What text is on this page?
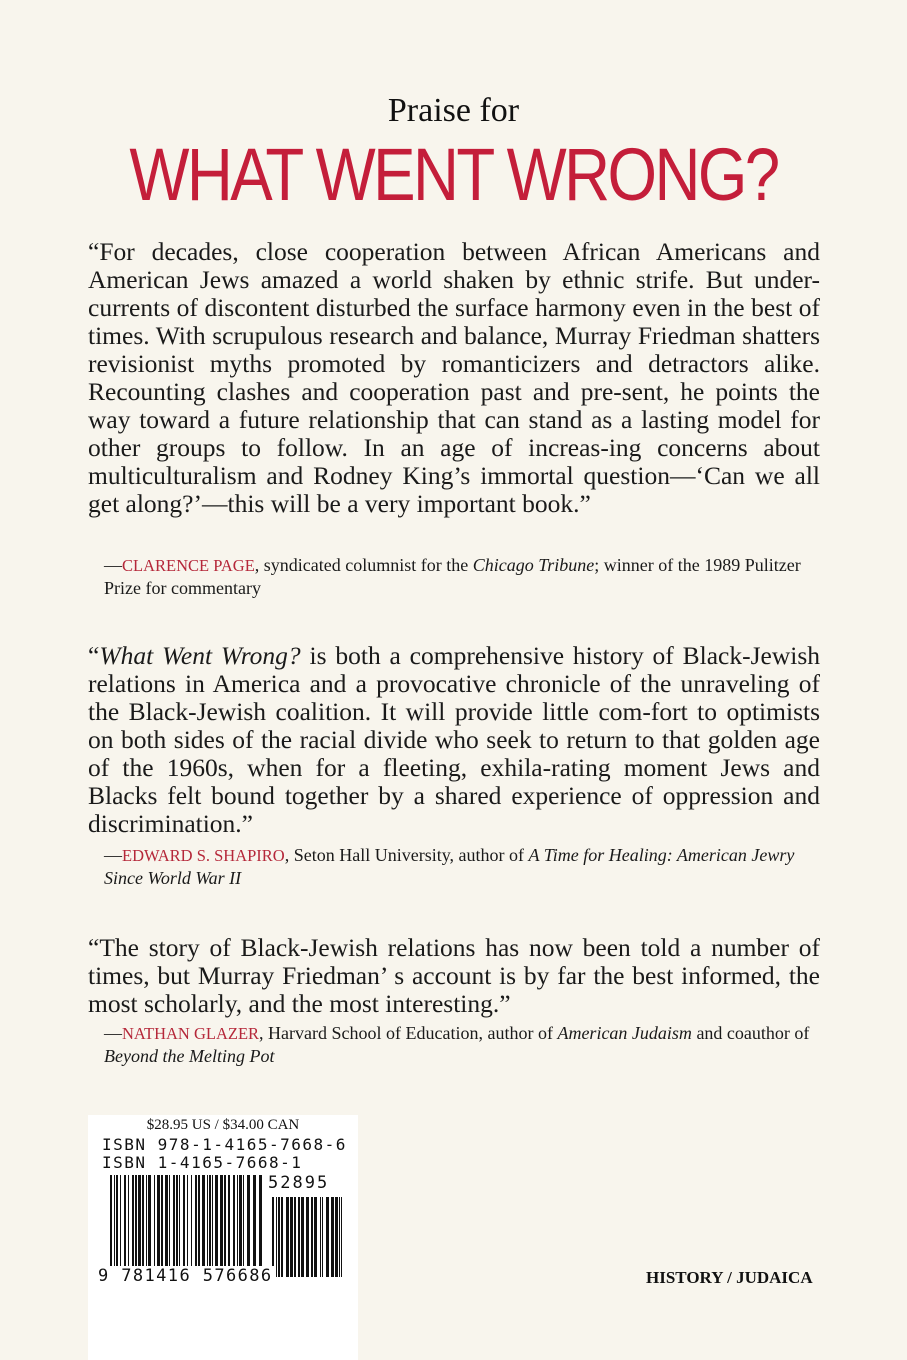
Praise for
WHAT WENT WRONG?

“For decades, close cooperation between African Americans and American Jews amazed a world shaken by ethnic strife. But under-currents of discontent disturbed the surface harmony even in the best of times. With scrupulous research and balance, Murray Friedman shatters revisionist myths promoted by romanticizers and detractors alike. Recounting clashes and cooperation past and pre-sent, he points the way toward a future relationship that can stand as a lasting model for other groups to follow. In an age of increas-ing concerns about multiculturalism and Rodney King’s immortal question—‘Can we all get along?’—this will be a very important book.”

—CLARENCE PAGE, syndicated columnist for the Chicago Tribune; winner of the 1989 Pulitzer Prize for commentary

“What Went Wrong? is both a comprehensive history of Black-Jewish relations in America and a provocative chronicle of the unraveling of the Black-Jewish coalition. It will provide little com-fort to optimists on both sides of the racial divide who seek to return to that golden age of the 1960s, when for a fleeting, exhila-rating moment Jews and Blacks felt bound together by a shared experience of oppression and discrimination.”

—EDWARD S. SHAPIRO, Seton Hall University, author of A Time for Healing: American Jewry Since World War II

“The story of Black-Jewish relations has now been told a number of times, but Murray Friedman’ s account is by far the best informed, the most scholarly, and the most interesting.”

—NATHAN GLAZER, Harvard School of Education, author of American Judaism and coauthor of Beyond the Melting Pot

$28.95 US / $34.00 CAN
ISBN 978-1-4165-7668-6
ISBN 1-4165-7668-1
52895
9 781416 576686	HISTORY / JUDAICA
